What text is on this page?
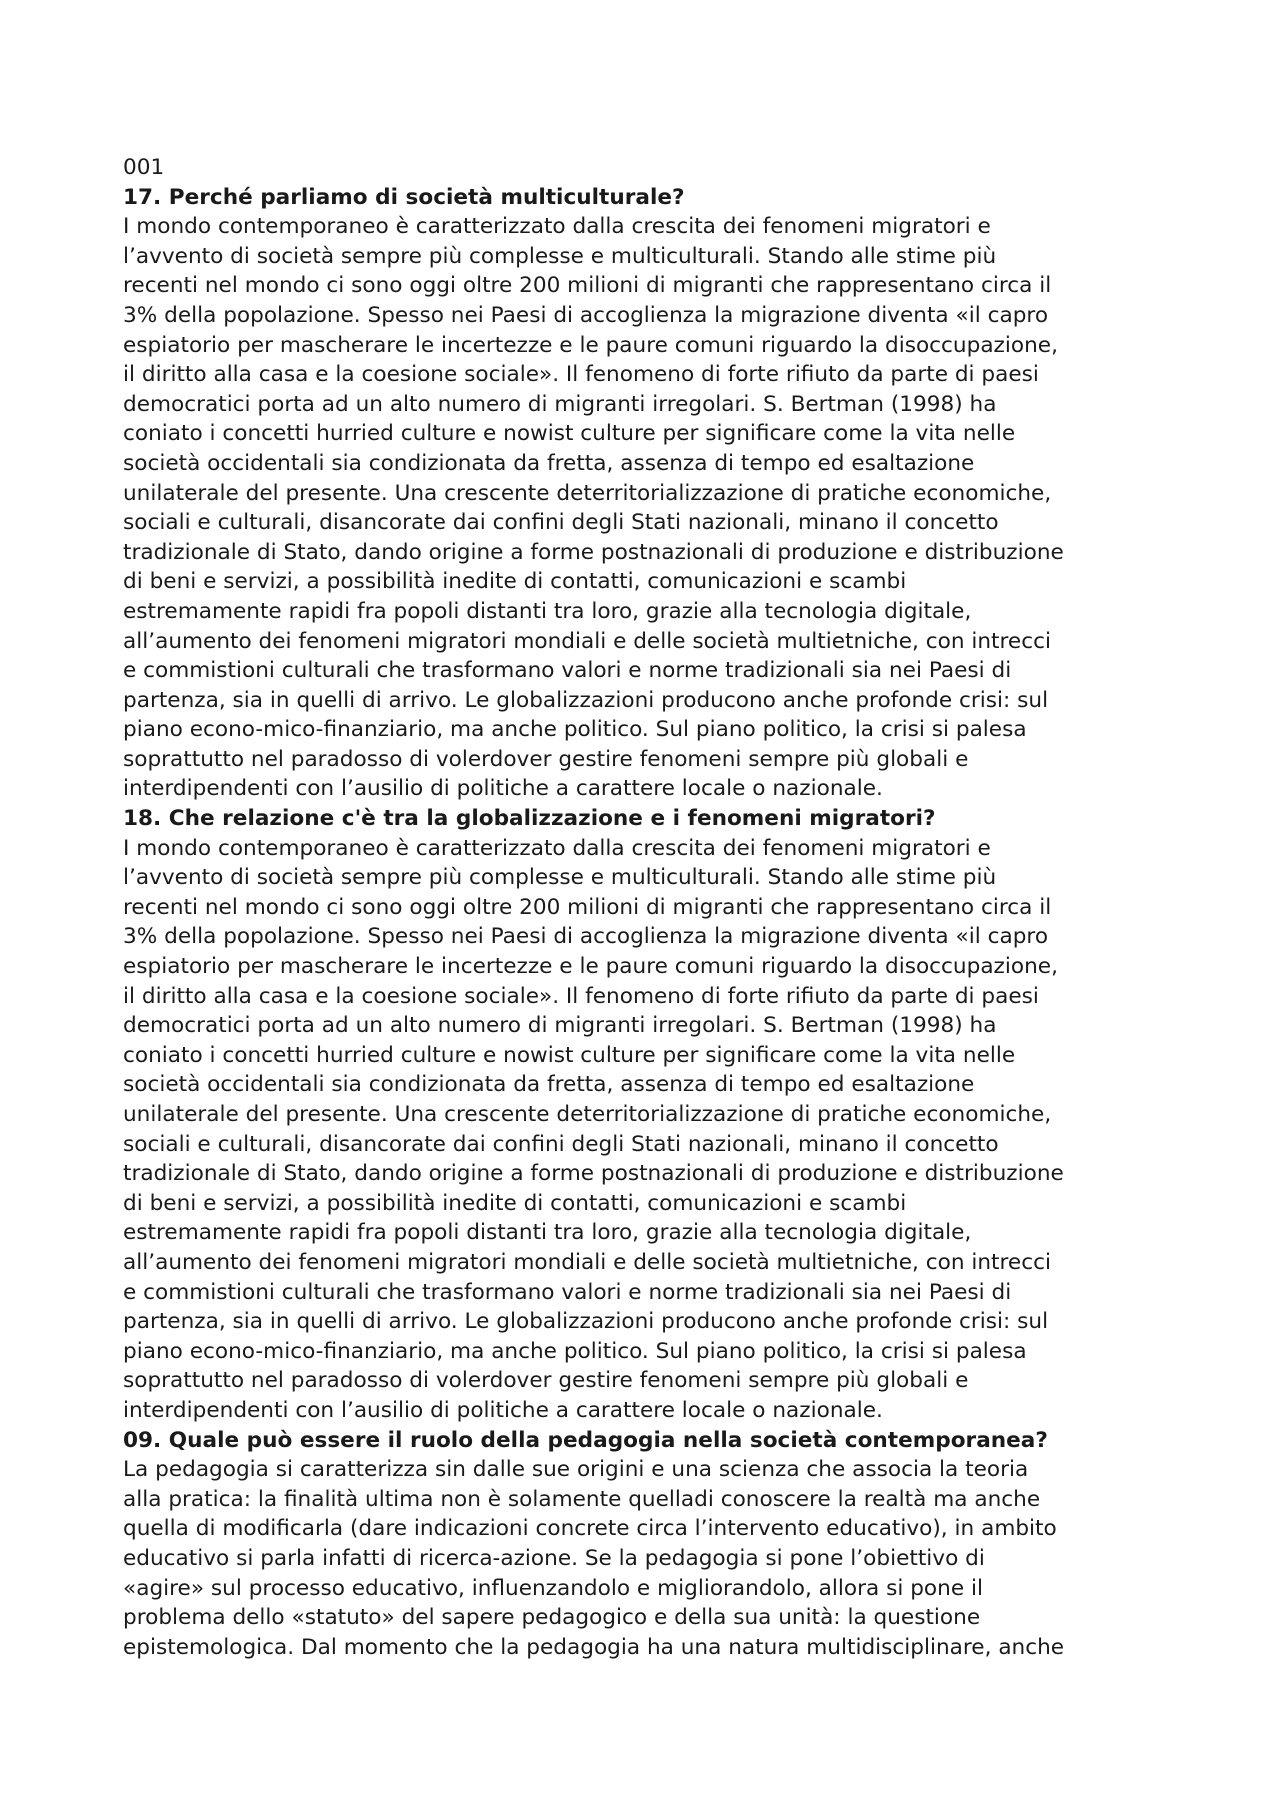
001

17. Perché parliamo di società multiculturale?

I mondo contemporaneo è caratterizzato dalla crescita dei fenomeni migratori e
l’avvento di società sempre più complesse e multiculturali. Stando alle stime più
recenti nel mondo ci sono oggi oltre 200 milioni di migranti che rappresentano circa il
3% della popolazione. Spesso nei Paesi di accoglienza la migrazione diventa «il capro
espiatorio per mascherare le incertezze e le paure comuni riguardo la disoccupazione,
il diritto alla casa e la coesione sociale». Il fenomeno di forte rifiuto da parte di paesi
democratici porta ad un alto numero di migranti irregolari. S. Bertman (1998) ha
coniato i concetti hurried culture e nowist culture per significare come la vita nelle
società occidentali sia condizionata da fretta, assenza di tempo ed esaltazione
unilaterale del presente. Una crescente deterritorializzazione di pratiche economiche,
sociali e culturali, disancorate dai confini degli Stati nazionali, minano il concetto
tradizionale di Stato, dando origine a forme postnazionali di produzione e distribuzione
di beni e servizi, a possibilità inedite di contatti, comunicazioni e scambi
estremamente rapidi fra popoli distanti tra loro, grazie alla tecnologia digitale,
all’aumento dei fenomeni migratori mondiali e delle società multietniche, con intrecci
e commistioni culturali che trasformano valori e norme tradizionali sia nei Paesi di
partenza, sia in quelli di arrivo. Le globalizzazioni producono anche profonde crisi: sul
piano econo-mico-finanziario, ma anche politico. Sul piano politico, la crisi si palesa
soprattutto nel paradosso di volerdover gestire fenomeni sempre più globali e
interdipendenti con l’ausilio di politiche a carattere locale o nazionale.

18. Che relazione c'è tra la globalizzazione e i fenomeni migratori?

I mondo contemporaneo è caratterizzato dalla crescita dei fenomeni migratori e
l’avvento di società sempre più complesse e multiculturali. Stando alle stime più
recenti nel mondo ci sono oggi oltre 200 milioni di migranti che rappresentano circa il
3% della popolazione. Spesso nei Paesi di accoglienza la migrazione diventa «il capro
espiatorio per mascherare le incertezze e le paure comuni riguardo la disoccupazione,
il diritto alla casa e la coesione sociale». Il fenomeno di forte rifiuto da parte di paesi
democratici porta ad un alto numero di migranti irregolari. S. Bertman (1998) ha
coniato i concetti hurried culture e nowist culture per significare come la vita nelle
società occidentali sia condizionata da fretta, assenza di tempo ed esaltazione
unilaterale del presente. Una crescente deterritorializzazione di pratiche economiche,
sociali e culturali, disancorate dai confini degli Stati nazionali, minano il concetto
tradizionale di Stato, dando origine a forme postnazionali di produzione e distribuzione
di beni e servizi, a possibilità inedite di contatti, comunicazioni e scambi
estremamente rapidi fra popoli distanti tra loro, grazie alla tecnologia digitale,
all’aumento dei fenomeni migratori mondiali e delle società multietniche, con intrecci
e commistioni culturali che trasformano valori e norme tradizionali sia nei Paesi di
partenza, sia in quelli di arrivo. Le globalizzazioni producono anche profonde crisi: sul
piano econo-mico-finanziario, ma anche politico. Sul piano politico, la crisi si palesa
soprattutto nel paradosso di volerdover gestire fenomeni sempre più globali e
interdipendenti con l’ausilio di politiche a carattere locale o nazionale.

09. Quale può essere il ruolo della pedagogia nella società contemporanea?

La pedagogia si caratterizza sin dalle sue origini e una scienza che associa la teoria
alla pratica: la finalità ultima non è solamente quelladi conoscere la realtà ma anche
quella di modificarla (dare indicazioni concrete circa l’intervento educativo), in ambito
educativo si parla infatti di ricerca-azione. Se la pedagogia si pone l’obiettivo di
«agire» sul processo educativo, influenzandolo e migliorandolo, allora si pone il
problema dello «statuto» del sapere pedagogico e della sua unità: la questione
epistemologica. Dal momento che la pedagogia ha una natura multidisciplinare, anche
